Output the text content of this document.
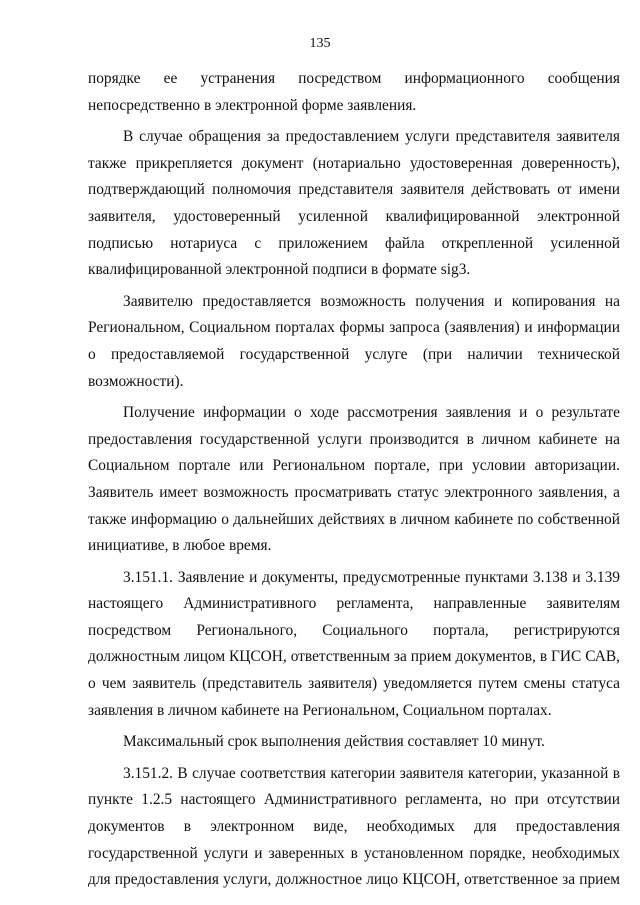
135

порядке ее устранения посредством информационного сообщения непосредственно в электронной форме заявления.

В случае обращения за предоставлением услуги представителя заявителя также прикрепляется документ (нотариально удостоверенная доверенность), подтверждающий полномочия представителя заявителя действовать от имени заявителя, удостоверенный усиленной квалифицированной электронной подписью нотариуса с приложением файла открепленной усиленной квалифицированной электронной подписи в формате sig3.

Заявителю предоставляется возможность получения и копирования на Региональном, Социальном порталах формы запроса (заявления) и информации о предоставляемой государственной услуге (при наличии технической возможности).

Получение информации о ходе рассмотрения заявления и о результате предоставления государственной услуги производится в личном кабинете на Социальном портале или Региональном портале, при условии авторизации. Заявитель имеет возможность просматривать статус электронного заявления, а также информацию о дальнейших действиях в личном кабинете по собственной инициативе, в любое время.

3.151.1. Заявление и документы, предусмотренные пунктами 3.138 и 3.139 настоящего Административного регламента, направленные заявителям посредством Регионального, Социального портала, регистрируются должностным лицом КЦСОН, ответственным за прием документов, в ГИС САВ, о чем заявитель (представитель заявителя) уведомляется путем смены статуса заявления в личном кабинете на Региональном, Социальном порталах.

Максимальный срок выполнения действия составляет 10 минут.

3.151.2. В случае соответствия категории заявителя категории, указанной в пункте 1.2.5 настоящего Административного регламента, но при отсутствии документов в электронном виде, необходимых для предоставления государственной услуги и заверенных в установленном порядке, необходимых для предоставления услуги, должностное лицо КЦСОН, ответственное за прием
